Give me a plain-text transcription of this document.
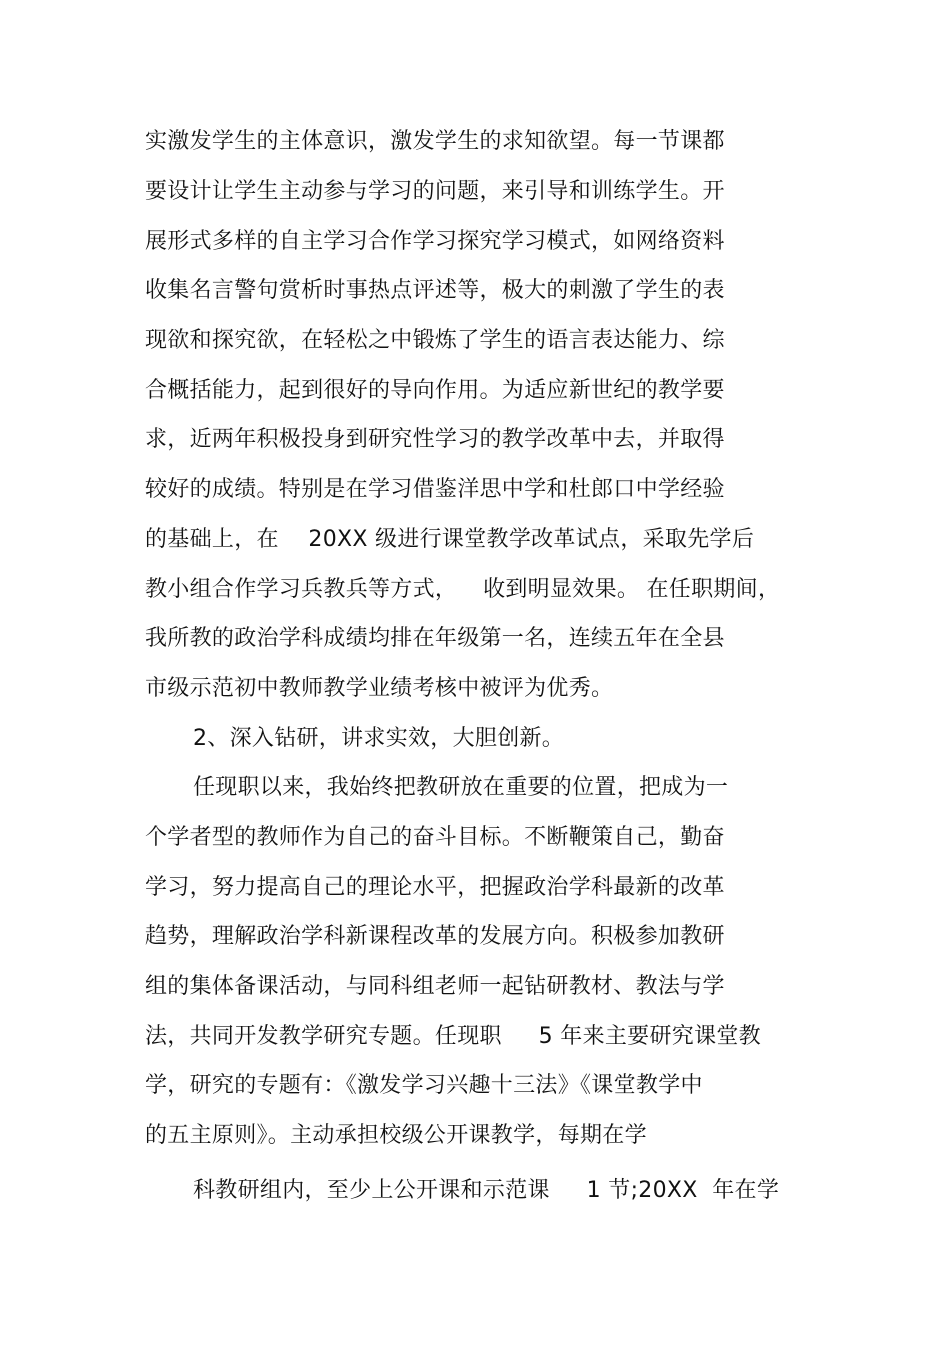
实激发学生的主体意识，激发学生的求知欲望。每一节课都
要设计让学生主动参与学习的问题，来引导和训练学生。开
展形式多样的自主学习合作学习探究学习模式，如网络资料
收集名言警句赏析时事热点评述等，极大的刺激了学生的表
现欲和探究欲，在轻松之中锻炼了学生的语言表达能力、综
合概括能力，起到很好的导向作用。为适应新世纪的教学要
求，近两年积极投身到研究性学习的教学改革中去，并取得
较好的成绩。特别是在学习借鉴洋思中学和杜郎口中学经验
的基础上，在　 20XX 级进行课堂教学改革试点，采取先学后
教小组合作学习兵教兵等方式，　  收到明显效果。 在任职期间，
我所教的政治学科成绩均排在年级第一名，连续五年在全县
市级示范初中教师教学业绩考核中被评为优秀。
2、深入钻研，讲求实效，大胆创新。
任现职以来，我始终把教研放在重要的位置，把成为一
个学者型的教师作为自己的奋斗目标。不断鞭策自己，勤奋
学习，努力提高自己的理论水平，把握政治学科最新的改革
趋势，理解政治学科新课程改革的发展方向。积极参加教研
组的集体备课活动，与同科组老师一起钻研教材、教法与学
法，共同开发教学研究专题。任现职　  5 年来主要研究课堂教
学，研究的专题有：《激发学习兴趣十三法》《课堂教学中
的五主原则》。主动承担校级公开课教学，每期在学
科教研组内，至少上公开课和示范课　  1 节;20XX  年在学
